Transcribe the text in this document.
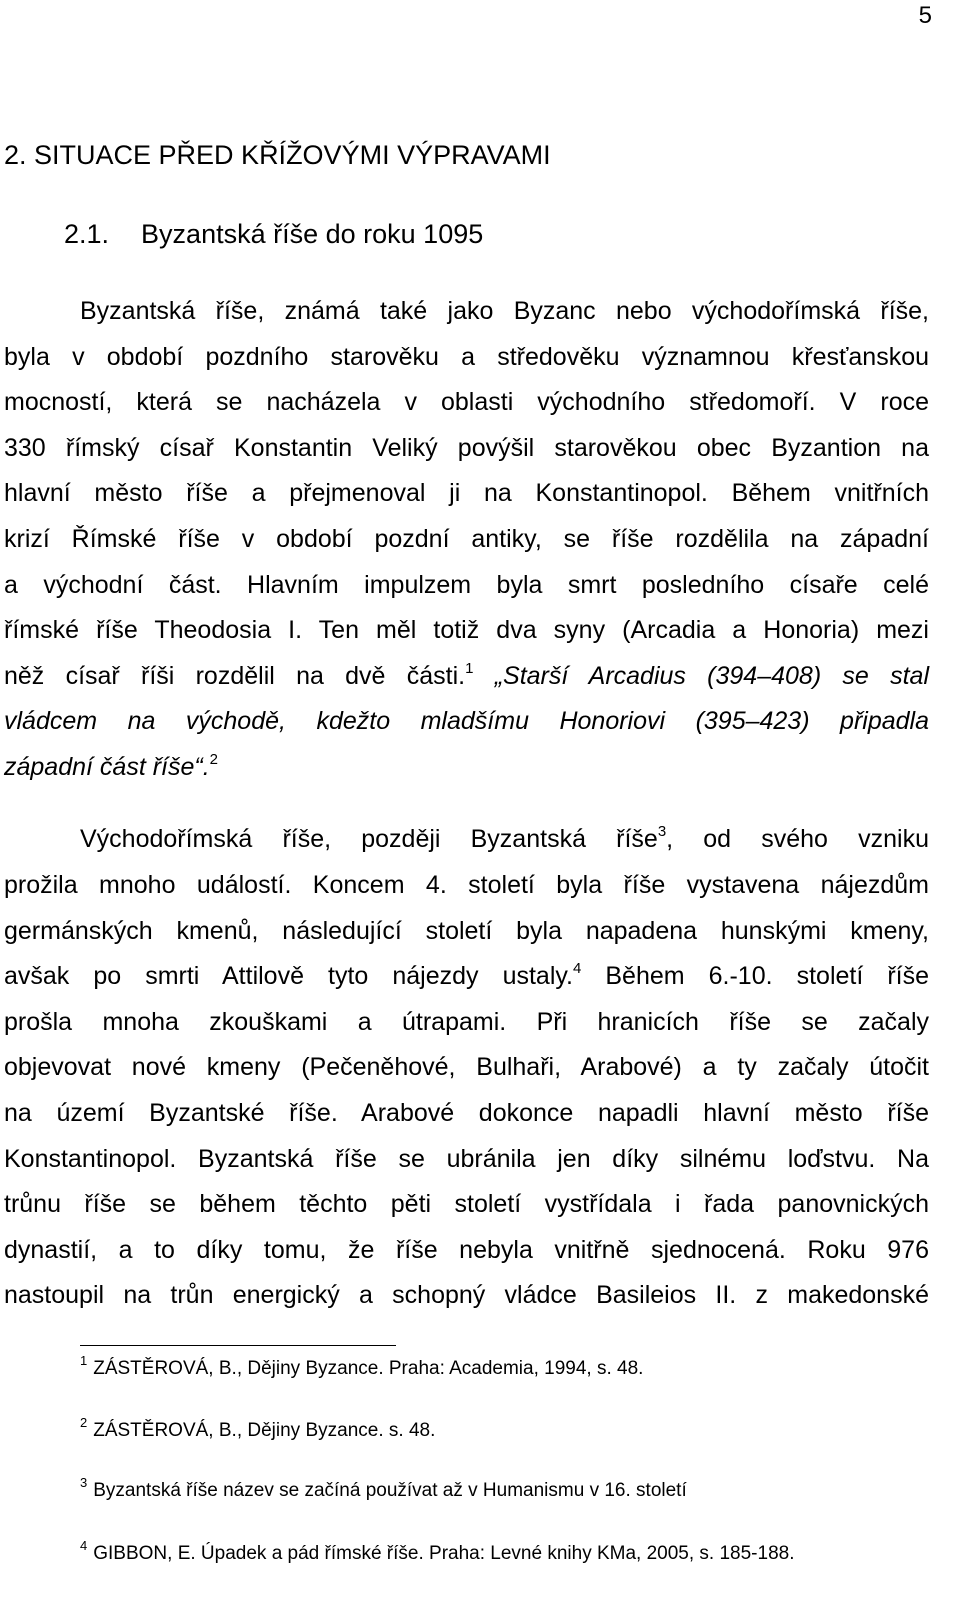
5
2. SITUACE PŘED KŘÍŽOVÝMI VÝPRAVAMI
2.1. Byzantská říše do roku 1095
Byzantská říše, známá také jako Byzanc nebo východořímská říše,
byla v období pozdního starověku a středověku významnou křesťanskou
mocností, která se nacházela v oblasti východního středomoří. V roce
330 římský císař Konstantin Veliký povýšil starověkou obec Byzantion na
hlavní město říše a přejmenoval ji na Konstantinopol. Během vnitřních
krizí Římské říše v období pozdní antiky, se říše rozdělila na západní
a východní část. Hlavním impulzem byla smrt posledního císaře celé
římské říše Theodosia I. Ten měl totiž dva syny (Arcadia a Honoria) mezi
něž císař říši rozdělil na dvě části.$^1$ „Starší Arcadius (394–408) se stal
vládcem na východě, kdežto mladšímu Honoriovi (395–423) připadla
západní část říše“.$^2$
Východořímská říše, později Byzantská říše$^3$, od svého vzniku
prožila mnoho událostí. Koncem 4. století byla říše vystavena nájezdům
germánských kmenů, následující století byla napadena hunskými kmeny,
avšak po smrti Attilově tyto nájezdy ustaly.$^4$ Během 6.-10. století říše
prošla mnoha zkouškami a útrapami. Při hranicích říše se začaly
objevovat nové kmeny (Pečeněhové, Bulhaři, Arabové) a ty začaly útočit
na území Byzantské říše. Arabové dokonce napadli hlavní město říše
Konstantinopol. Byzantská říše se ubránila jen díky silnému loďstvu. Na
trůnu říše se během těchto pěti století vystřídala i řada panovnických
dynastií, a to díky tomu, že říše nebyla vnitřně sjednocená. Roku 976
nastoupil na trůn energický a schopný vládce Basileios II. z makedonské
$^1$ ZÁSTĚROVÁ, B., Dějiny Byzance. Praha: Academia, 1994, s. 48.
$^2$ ZÁSTĚROVÁ, B., Dějiny Byzance. s. 48.
$^3$ Byzantská říše název se začíná používat až v Humanismu v 16. století
$^4$ GIBBON, E. Úpadek a pád římské říše. Praha: Levné knihy KMa, 2005, s. 185-188.
